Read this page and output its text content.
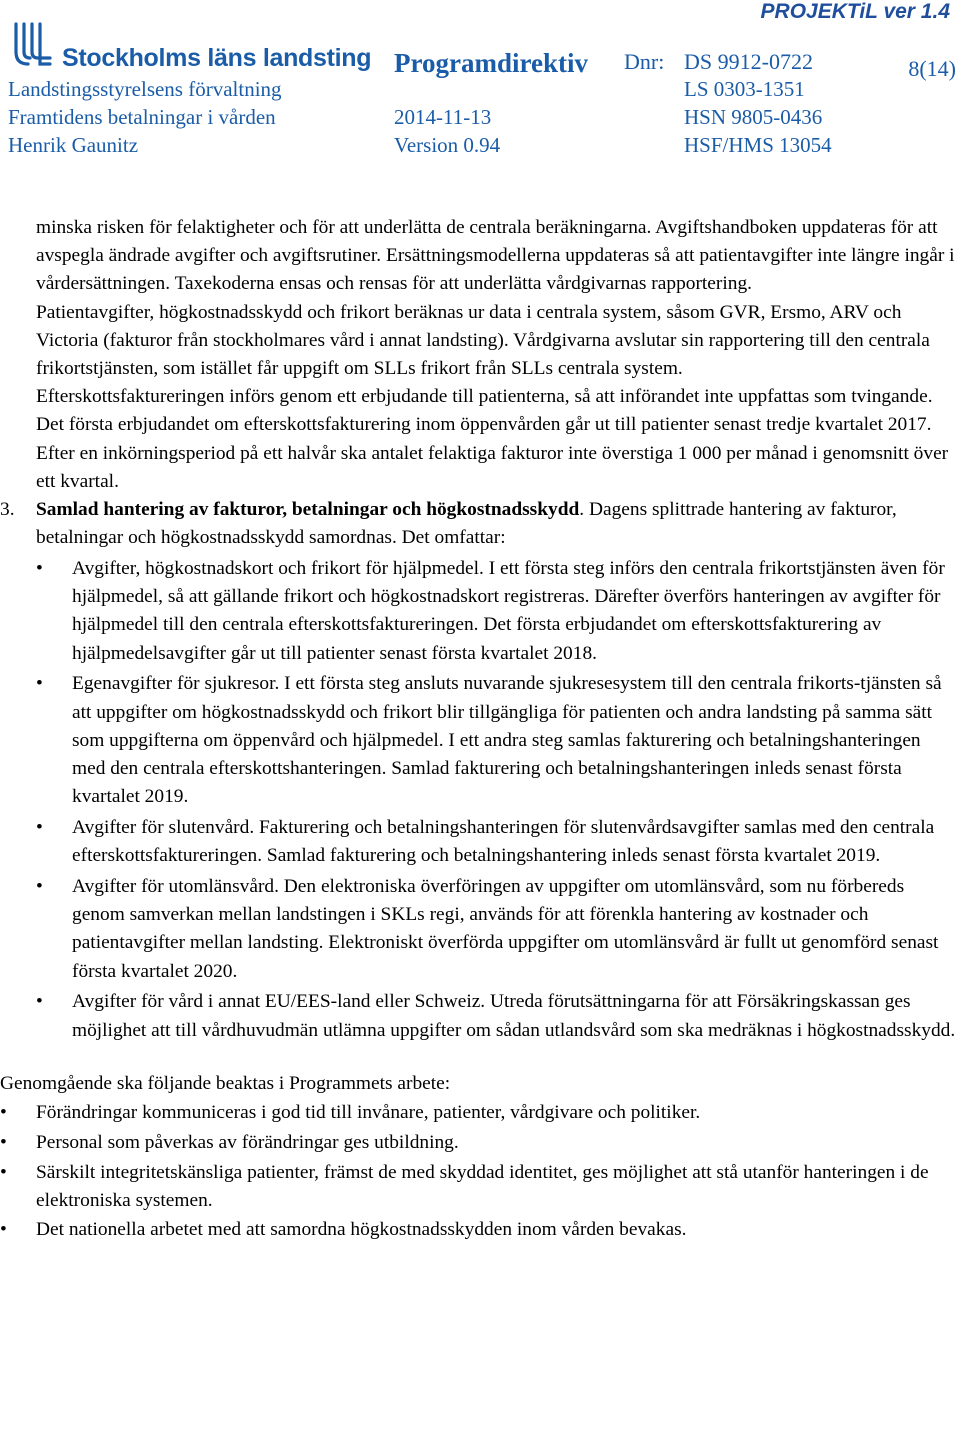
PROJEKTiL ver 1.4
Stockholms läns landsting Programdirektiv Dnr:	8(14)
Landstingsstyrelsens förvaltning
Framtidens betalningar i vården
Henrik Gaunitz
2014-11-13
Version 0.94
DS 9912-0722
LS 0303-1351
HSN 9805-0436
HSF/HMS 13054

minska risken för felaktigheter och för att underlätta de centrala beräkningarna. Avgiftshandboken uppdateras för att avspegla ändrade avgifter och avgiftsrutiner. Ersättningsmodellerna uppdateras så att patientavgifter inte längre ingår i vårdersättningen. Taxekoderna ensas och rensas för att underlätta vårdgivarnas rapportering.

Patientavgifter, högkostnadsskydd och frikort beräknas ur data i centrala system, såsom GVR, Ersmo, ARV och Victoria (fakturor från stockholmares vård i annat landsting). Vårdgivarna avslutar sin rapportering till den centrala frikortstjänsten, som istället får uppgift om SLLs frikort från SLLs centrala system.

Efterskottsfaktureringen införs genom ett erbjudande till patienterna, så att införandet inte uppfattas som tvingande. Det första erbjudandet om efterskottsfakturering inom öppenvården går ut till patienter senast tredje kvartalet 2017.

Efter en inkörningsperiod på ett halvår ska antalet felaktiga fakturor inte överstiga 1 000 per månad i genomsnitt över ett kvartal.

3.	Samlad hantering av fakturor, betalningar och högkostnadsskydd. Dagens splittrade hantering av fakturor, betalningar och högkostnadsskydd samordnas. Det omfattar:
• Avgifter, högkostnadskort och frikort för hjälpmedel. I ett första steg införs den centrala frikortstjänsten även för hjälpmedel, så att gällande frikort och högkostnadskort registreras. Därefter överförs hanteringen av avgifter för hjälpmedel till den centrala efterskottsfaktureringen. Det första erbjudandet om efterskottsfakturering av hjälpmedelsavgifter går ut till patienter senast första kvartalet 2018.
• Egenavgifter för sjukresor. I ett första steg ansluts nuvarande sjukresesystem till den centrala frikorts-tjänsten så att uppgifter om högkostnadsskydd och frikort blir tillgängliga för patienten och andra landsting på samma sätt som uppgifterna om öppenvård och hjälpmedel. I ett andra steg samlas fakturering och betalningshanteringen med den centrala efterskottshanteringen. Samlad fakturering och betalningshanteringen inleds senast första kvartalet 2019.
• Avgifter för slutenvård. Fakturering och betalningshanteringen för slutenvårdsavgifter samlas med den centrala efterskottsfaktureringen. Samlad fakturering och betalningshantering inleds senast första kvartalet 2019.
• Avgifter för utomlänsvård. Den elektroniska överföringen av uppgifter om utomlänsvård, som nu förbereds genom samverkan mellan landstingen i SKLs regi, används för att förenkla hantering av kostnader och patientavgifter mellan landsting. Elektroniskt överförda uppgifter om utomlänsvård är fullt ut genomförd senast första kvartalet 2020.
• Avgifter för vård i annat EU/EES-land eller Schweiz. Utreda förutsättningarna för att Försäkringskassan ges möjlighet att till vårdhuvudmän utlämna uppgifter om sådan utlandsvård som ska medräknas i högkostnadsskydd.

Genomgående ska följande beaktas i Programmets arbete:

• Förändringar kommuniceras i god tid till invånare, patienter, vårdgivare och politiker.
• Personal som påverkas av förändringar ges utbildning.
• Särskilt integritetskänsliga patienter, främst de med skyddad identitet, ges möjlighet att stå utanför hanteringen i de elektroniska systemen.
• Det nationella arbetet med att samordna högkostnadsskydden inom vården bevakas.
